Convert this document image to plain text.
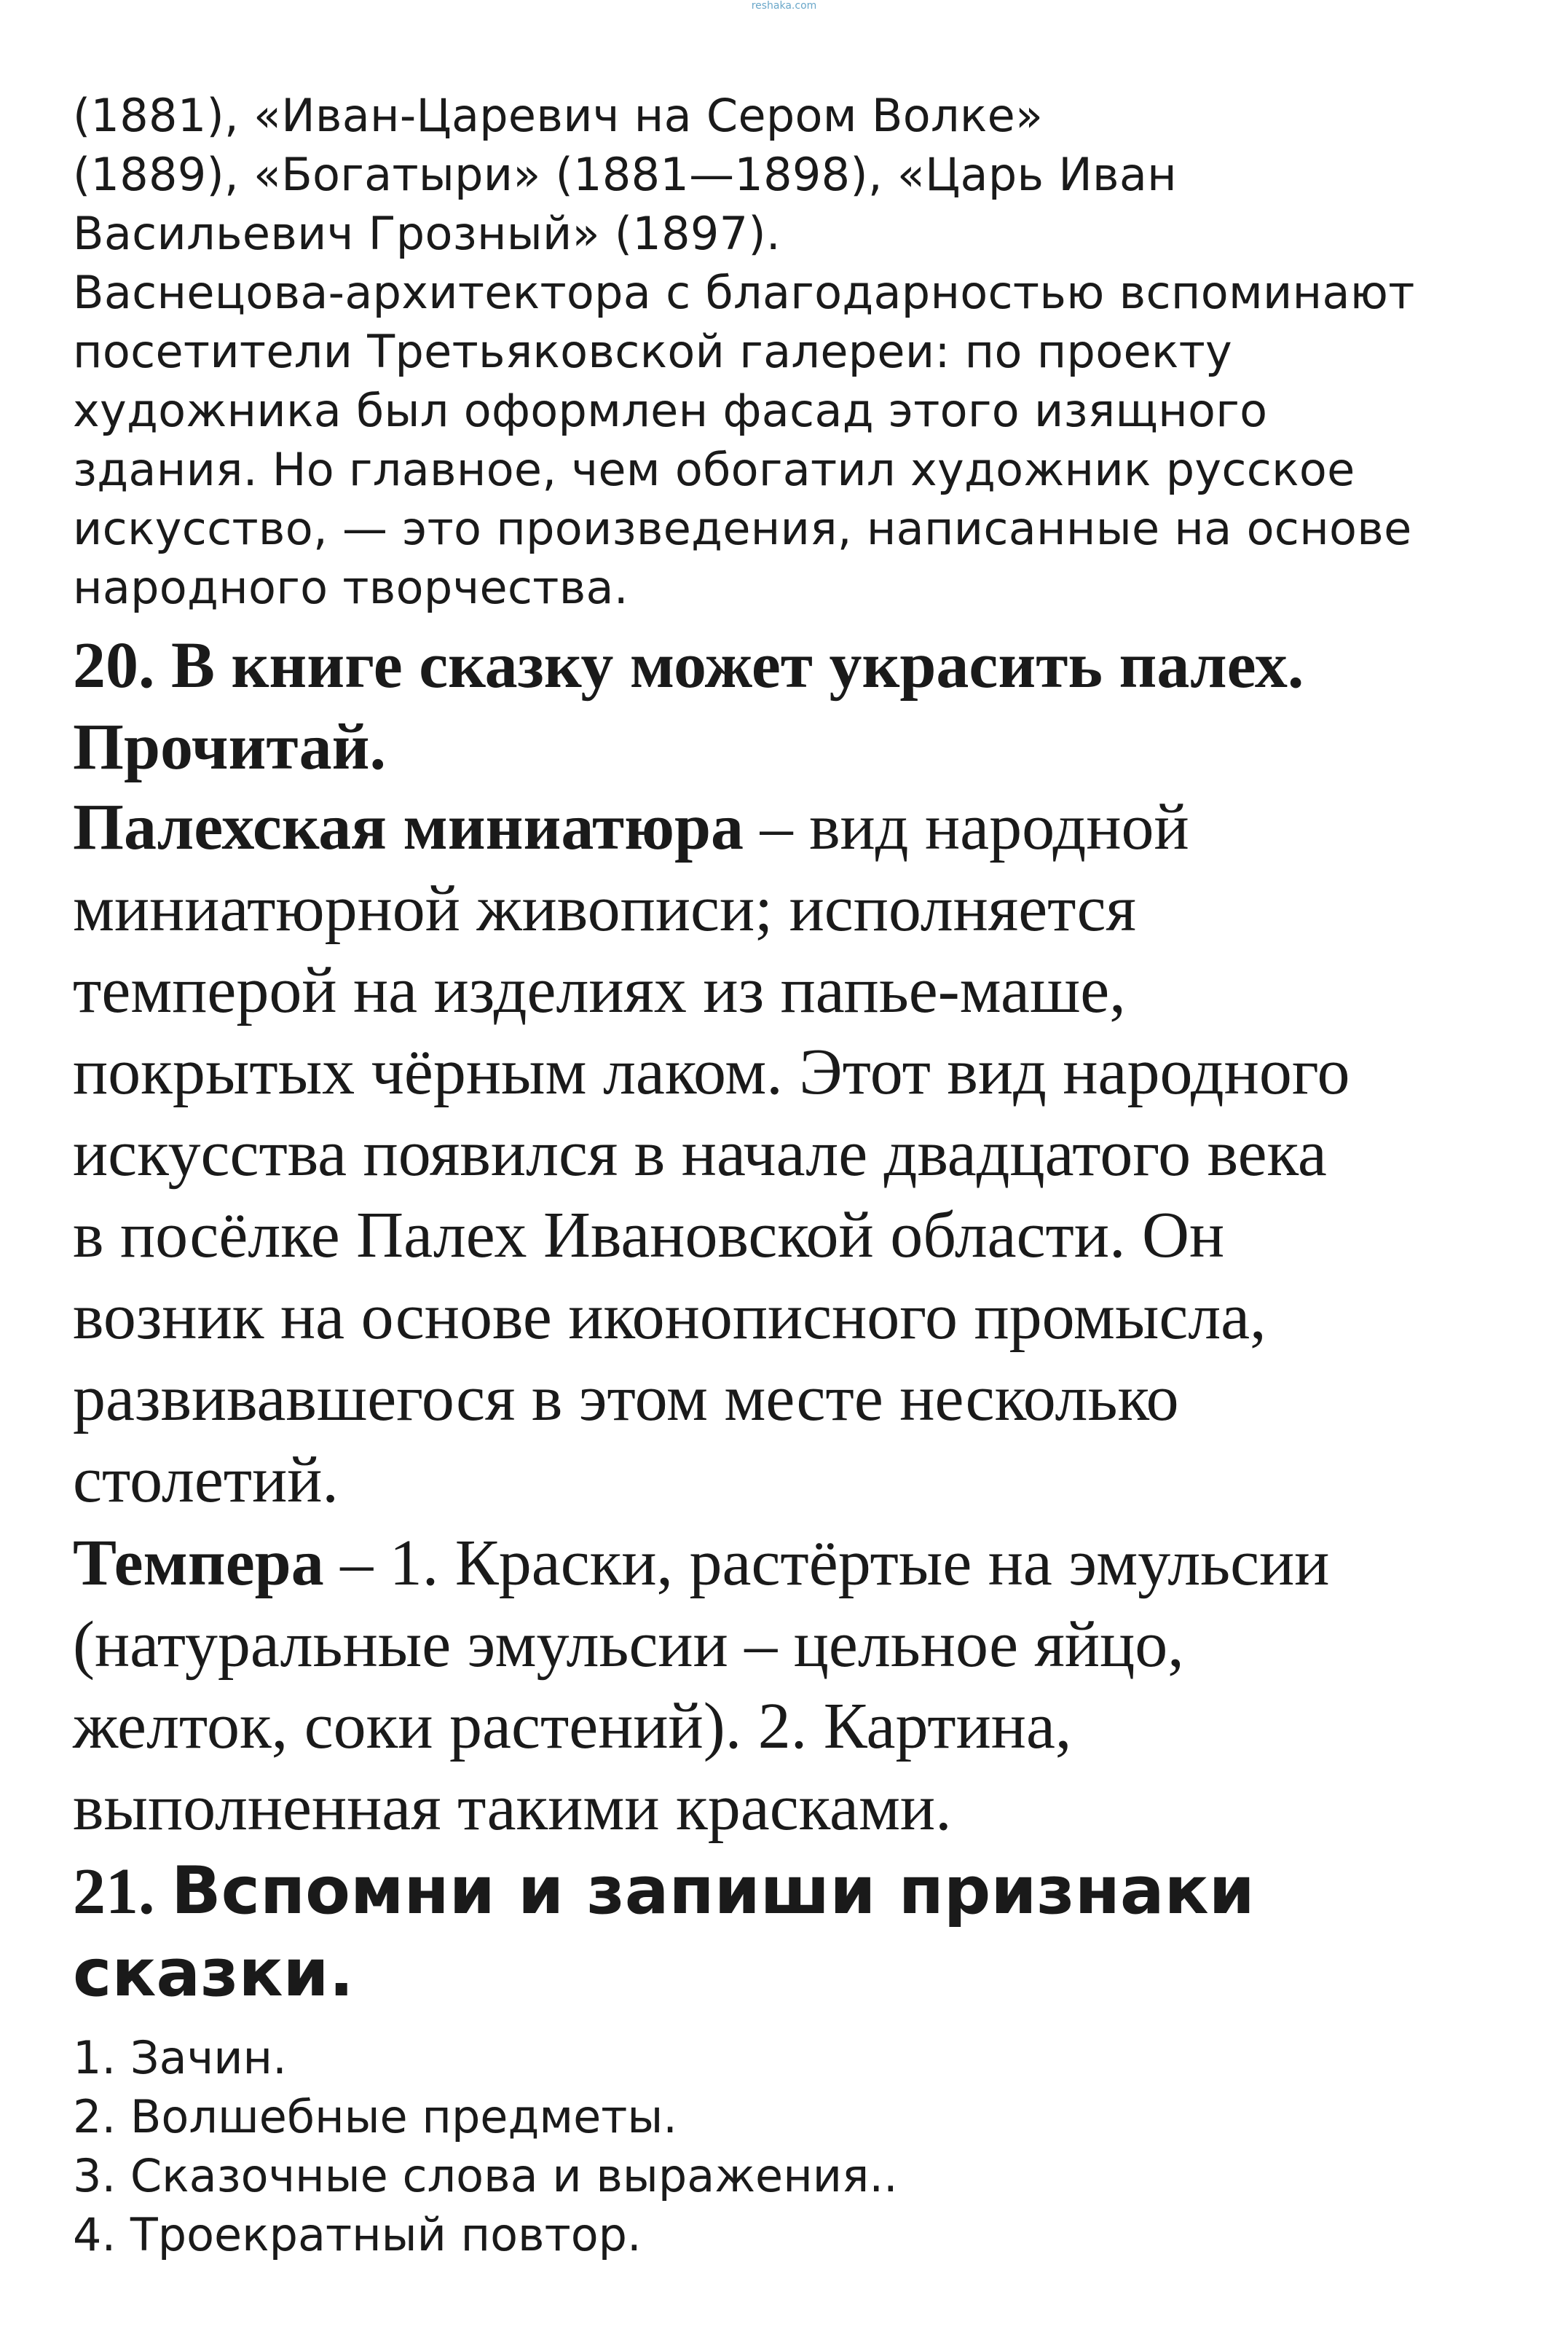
reshaka.com

(1881), «Иван-Царевич на Сером Волке»

(1889), «Богатыри» (1881—1898), «Царь Иван

Васильевич Грозный» (1897).

Васнецова-архитектора с благодарностью вспоминают

посетители Третьяковской галереи: по проекту

художника был оформлен фасад этого изящного

здания. Но главное, чем обогатил художник русское

искусство, — это произведения, написанные на основе

народного творчества.

20. В книге сказку может украсить палех.

Прочитай.

Палехская миниатюра – вид народной

миниатюрной живописи; исполняется

темперой на изделиях из папье-маше,

покрытых чёрным лаком. Этот вид народного

искусства появился в начале двадцатого века

в посёлке Палех Ивановской области. Он

возник на основе иконописного промысла,

развивавшегося в этом месте несколько

столетий.

Темпера – 1. Краски, растёртые на эмульсии

(натуральные эмульсии – цельное яйцо,

желток, соки растений). 2. Картина,

выполненная такими красками.

21. Вспомни и запиши признаки

сказки.

1. Зачин.
2. Волшебные предметы.
3. Сказочные слова и выражения..
4. Троекратный повтор.
